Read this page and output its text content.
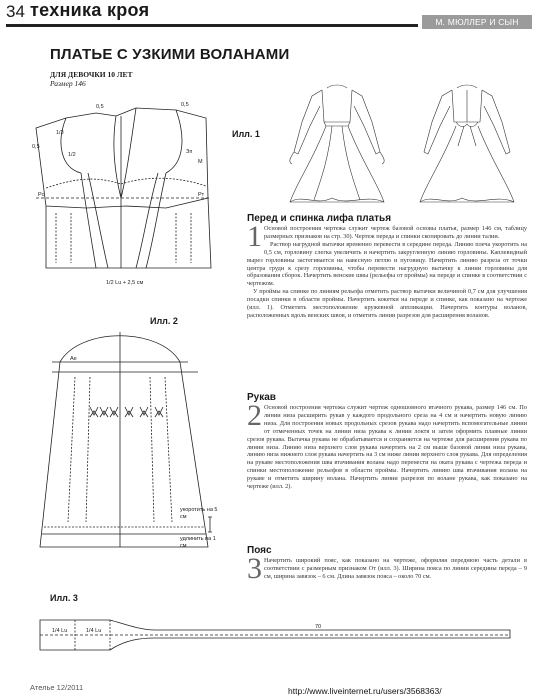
34 техника кроя
М. МЮЛЛЕР И СЫН
ПЛАТЬЕ С УЗКИМИ ВОЛАНАМИ
ДЛЯ ДЕВОЧКИ 10 ЛЕТ
Размер 146
0,5	0,5
1/3
1/2
0,5
1/2 Lu + 2,5 см
Рс	Рт
М
Зп
Илл. 1
Перед и спинка лифа платья
1 Основой построения чертежа служит чертеж базовой основы платья, размер 146 см, таблицу размерных признаков на стр. 30). Чертеж переда и спинки скопировать до линии талии.

Раствор нагрудной вытачки временно перевести в середине переда. Линию плеча укоротить на 0,5 см, горловину слегка увеличить и начертить закругленную линию горловины. Каплевидный вырез горловины застегивается на навесную петлю и пуговицу. Начертить линию разреза от точки центра груди к срезу горловины, чтобы перевести нагрудную вытачку к линии горловины для образования сборок. Начертить венские швы (рельефы от проймы) на переде и спинке в соответствии с чертежом.

У проймы на спинке по линиям рельефа отметить раствор вытачки величиной 0,7 см для улучшения посадки спинки в области проймы. Начертить кокетки на переде и спинке, как показано на чертеже (илл. 1). Отметить местоположение кружевной аппликации. Начертить контуры воланов, расположенных вдоль венских швов, и отметить линии разрезов для расширения воланов.

Илл. 2
Ае
укоротить на 5 см
удлинить на 1 см
Рукав
2 Основой построения чертежа служит чертеж одношовного втачного рукава, размер 146 см. По линии низа расширить рукав у каждого продольного среза на 4 см и начертить новую линию низа. Для построения новых продольных срезов рукава надо начертить вспомогательные линии от отмеченных точек на линии низа рукава к линии локтя и затем оформить плавные линии срезов рукава. Вытачка рукава не обрабатывается и сохраняется на чертеже для расширения рукава по линии низа. Линию низа верхнего слоя рукава начертить на 2 см выше базовой линии низа рукава, линию низа нижнего слоя рукава начертить на 3 см ниже линии верхнего слоя рукава. Для определения на рукаве местоположения шва втачивания волана надо перенести на оката рукава с чертежа переда и спинки местоположение рельефов в области проймы. Начертить линию шва втачивания волана на рукаве и отметить ширину волана. Начертить линии разрезов по волане рукава, как показано на чертеже (илл. 2).

Пояс
3 Начертить широкий пояс, как показано на чертеже, оформляя переднюю часть детали в соответствии с размерным признаком От (илл. 3). Ширина пояса по линии середины переда – 9 см, ширина завязок – 6 см. Длина завязок пояса – около 70 см.

Илл. 3
1/4 Lu	1/4 Lu
70
Ателье 12/2011	http://www.liveinternet.ru/users/3568363/
